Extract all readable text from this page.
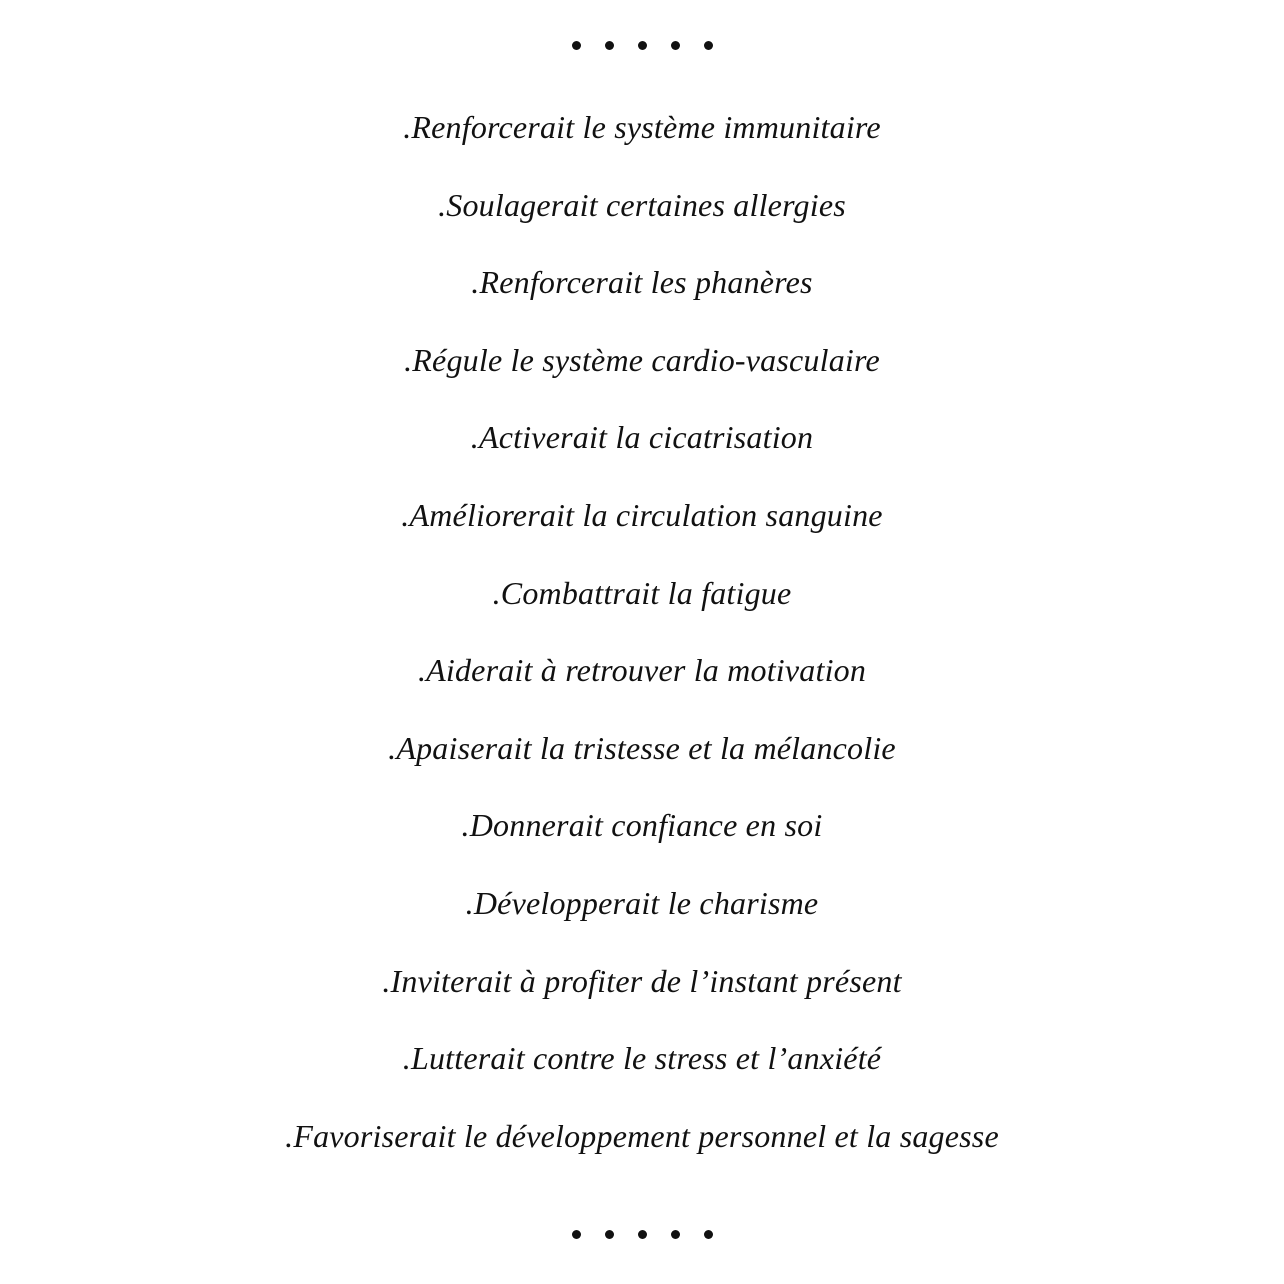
.Renforcerait le système immunitaire
.Soulagerait certaines allergies
.Renforcerait les phanères
.Régule le système cardio-vasculaire
.Activerait la cicatrisation
.Améliorerait la circulation sanguine
.Combattrait la fatigue
.Aiderait à retrouver la motivation
.Apaiserait la tristesse et la mélancolie
.Donnerait confiance en soi
.Développerait le charisme
.Inviterait à profiter de l’instant présent
.Lutterait contre le stress et l’anxiété
.Favoriserait le développement personnel et la sagesse
